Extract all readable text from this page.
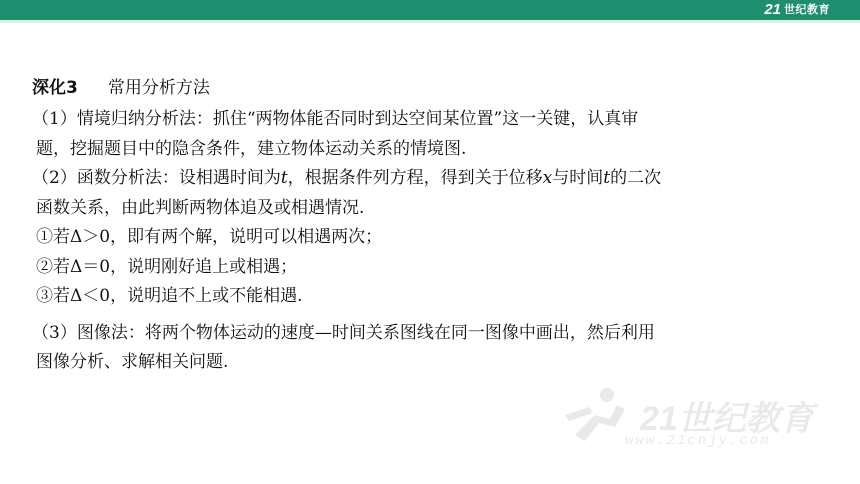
21 世纪教育
深化3 常用分析方法

（1）情境归纳分析法：抓住“两物体能否同时到达空间某位置”这一关键，认真审
题，挖掘题目中的隐含条件，建立物体运动关系的情境图.

（2）函数分析法：设相遇时间为t，根据条件列方程，得到关于位移x与时间t的二次
函数关系，由此判断两物体追及或相遇情况.
①若Δ＞0，即有两个解，说明可以相遇两次；
②若Δ＝0，说明刚好追上或相遇；
③若Δ＜0，说明追不上或不能相遇.

（3）图像法：将两个物体运动的速度—时间关系图线在同一图像中画出，然后利用
图像分析、求解相关问题.

21世纪教育
www.21cnjy.com
